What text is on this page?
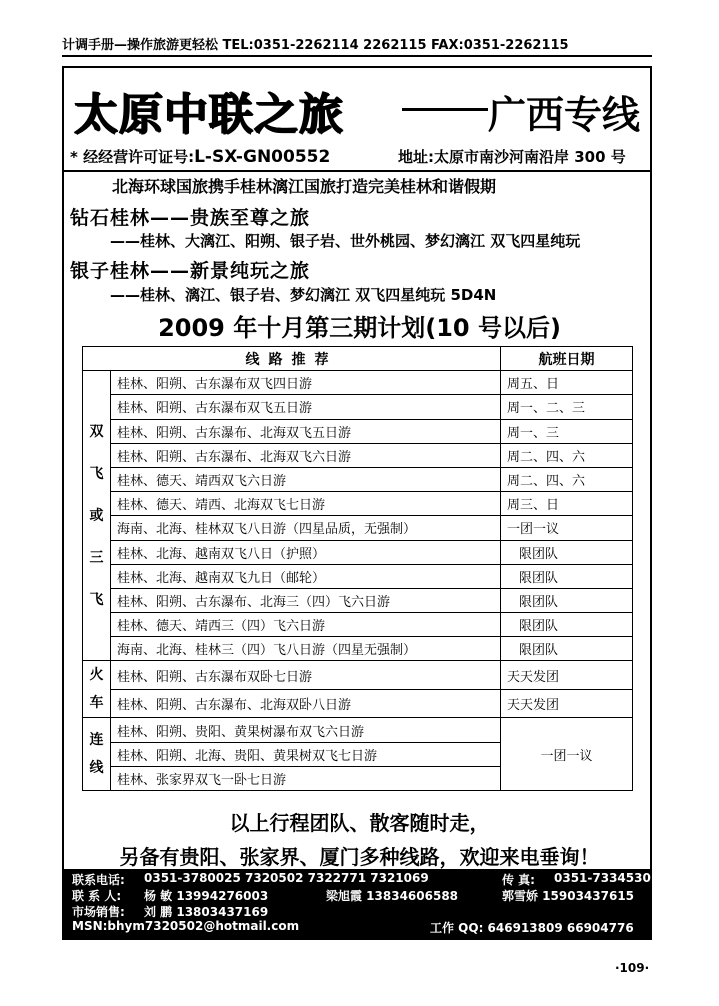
计调手册—操作旅游更轻松 TEL:0351-2262114 2262115 FAX:0351-2262115
太原中联之旅	广西专线
* 经经营许可证号:L-SX-GN00552	地址:太原市南沙河南沿岸 300 号
北海环球国旅携手桂林漓江国旅打造完美桂林和谐假期
钻石桂林——贵族至尊之旅
——桂林、大漓江、阳朔、银子岩、世外桃园、梦幻漓江 双飞四星纯玩
银子桂林——新景纯玩之旅
——桂林、漓江、银子岩、梦幻漓江 双飞四星纯玩 5D4N
2009 年十月第三期计划(10 号以后)
线路推荐		航班日期
双
飞
或
三
飞	桂林、阳朔、古东瀑布双飞四日游	周五、日
	桂林、阳朔、古东瀑布双飞五日游	周一、二、三
	桂林、阳朔、古东瀑布、北海双飞五日游	周一、三
	桂林、阳朔、古东瀑布、北海双飞六日游	周二、四、六
	桂林、德天、靖西双飞六日游	周二、四、六
	桂林、德天、靖西、北海双飞七日游	周三、日
	海南、北海、桂林双飞八日游（四星品质，无强制）	一团一议
	桂林、北海、越南双飞八日（护照）	限团队
	桂林、北海、越南双飞九日（邮轮）	限团队
	桂林、阳朔、古东瀑布、北海三（四）飞六日游	限团队
	桂林、德天、靖西三（四）飞六日游	限团队
	海南、北海、桂林三（四）飞八日游（四星无强制）	限团队
火
车	桂林、阳朔、古东瀑布双卧七日游	天天发团
	桂林、阳朔、古东瀑布、北海双卧八日游	天天发团
连
线	桂林、阳朔、贵阳、黄果树瀑布双飞六日游	一团一议
	桂林、阳朔、北海、贵阳、黄果树双飞七日游	
	桂林、张家界双飞一卧七日游	
以上行程团队、散客随时走，
另备有贵阳、张家界、厦门多种线路，欢迎来电垂询！
联系电话: 0351-3780025 7320502 7322771 7321069	传 真: 0351-7334530
联 系 人: 杨 敏 13994276003	梁旭霞 13834606588	郭雪娇 15903437615
市场销售: 刘 鹏 13803437169
MSN:bhym7320502@hotmail.com	工作 QQ: 646913809 66904776
·109·
